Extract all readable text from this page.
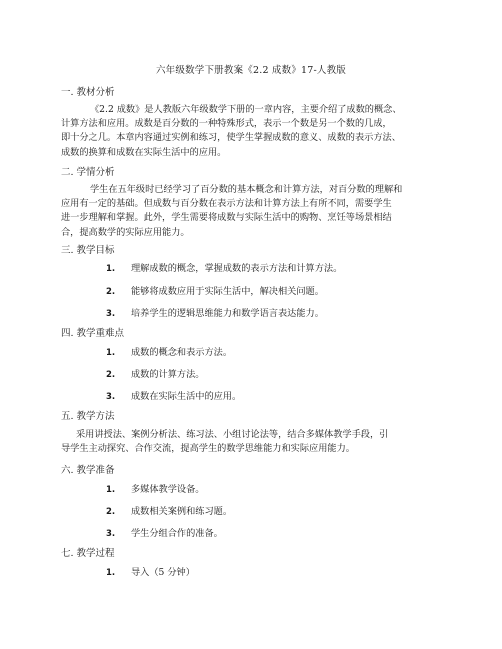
六年级数学下册教案《2.2 成数》17-人教版
一. 教材分析
《2.2 成数》是人教版六年级数学下册的一章内容，主要介绍了成数的概念、
计算方法和应用。成数是百分数的一种特殊形式，表示一个数是另一个数的几成，
即十分之几。本章内容通过实例和练习，使学生掌握成数的意义、成数的表示方法、
成数的换算和成数在实际生活中的应用。
二. 学情分析
学生在五年级时已经学习了百分数的基本概念和计算方法，对百分数的理解和
应用有一定的基础。但成数与百分数在表示方法和计算方法上有所不同，需要学生
进一步理解和掌握。此外，学生需要将成数与实际生活中的购物、烹饪等场景相结
合，提高数学的实际应用能力。
三. 教学目标
1. 理解成数的概念，掌握成数的表示方法和计算方法。
2. 能够将成数应用于实际生活中，解决相关问题。
3. 培养学生的逻辑思维能力和数学语言表达能力。
四. 教学重难点
1. 成数的概念和表示方法。
2. 成数的计算方法。
3. 成数在实际生活中的应用。
五. 教学方法
采用讲授法、案例分析法、练习法、小组讨论法等，结合多媒体教学手段，引
导学生主动探究、合作交流，提高学生的数学思维能力和实际应用能力。
六. 教学准备
1. 多媒体教学设备。
2. 成数相关案例和练习题。
3. 学生分组合作的准备。
七. 教学过程
1. 导入（5 分钟）
